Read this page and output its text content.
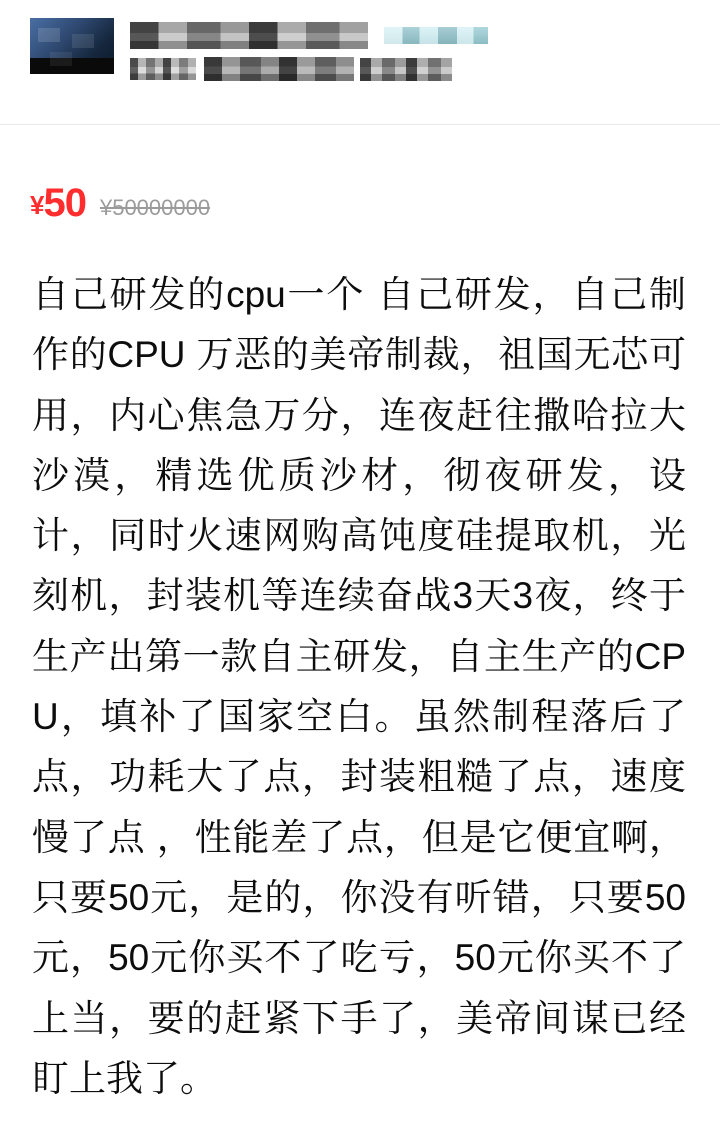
¥50 ¥50000000
自己研发的cpu一个 自己研发，自己制作的CPU 万恶的美帝制裁，祖国无芯可用，内心焦急万分，连夜赶往撒哈拉大沙漠，精选优质沙材，彻夜研发，设计，同时火速网购高饨度硅提取机，光刻机，封装机等连续奋战3天3夜，终于生产出第一款自主研发，自主生产的CPU，填补了国家空白。虽然制程落后了点，功耗大了点，封装粗糙了点，速度慢了点 ，性能差了点，但是它便宜啊，只要50元，是的，你没有听错，只要50元，50元你买不了吃亏，50元你买不了上当，要的赶紧下手了，美帝间谋已经盯上我了。
